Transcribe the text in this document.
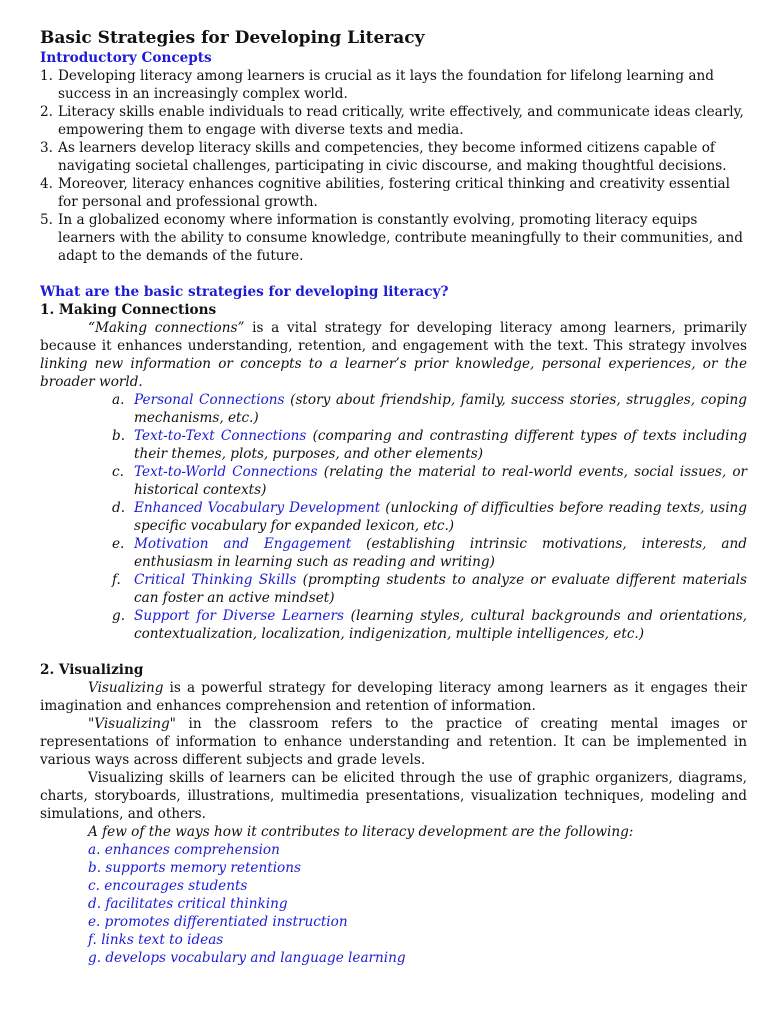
Basic Strategies for Developing Literacy

Introductory Concepts

1. Developing literacy among learners is crucial as it lays the foundation for lifelong learning and success in an increasingly complex world.
2. Literacy skills enable individuals to read critically, write effectively, and communicate ideas clearly, empowering them to engage with diverse texts and media.
3. As learners develop literacy skills and competencies, they become informed citizens capable of navigating societal challenges, participating in civic discourse, and making thoughtful decisions.
4. Moreover, literacy enhances cognitive abilities, fostering critical thinking and creativity essential for personal and professional growth.
5. In a globalized economy where information is constantly evolving, promoting literacy equips learners with the ability to consume knowledge, contribute meaningfully to their communities, and adapt to the demands of the future.

What are the basic strategies for developing literacy?

1. Making Connections

“Making connections” is a vital strategy for developing literacy among learners, primarily because it enhances understanding, retention, and engagement with the text. This strategy involves linking new information or concepts to a learner’s prior knowledge, personal experiences, or the broader world.

a. Personal Connections (story about friendship, family, success stories, struggles, coping mechanisms, etc.)
b. Text-to-Text Connections (comparing and contrasting different types of texts including their themes, plots, purposes, and other elements)
c. Text-to-World Connections (relating the material to real-world events, social issues, or historical contexts)
d. Enhanced Vocabulary Development (unlocking of difficulties before reading texts, using specific vocabulary for expanded lexicon, etc.)
e. Motivation and Engagement (establishing intrinsic motivations, interests, and enthusiasm in learning such as reading and writing)
f. Critical Thinking Skills (prompting students to analyze or evaluate different materials can foster an active mindset)
g. Support for Diverse Learners (learning styles, cultural backgrounds and orientations, contextualization, localization, indigenization, multiple intelligences, etc.)

2. Visualizing

Visualizing is a powerful strategy for developing literacy among learners as it engages their imagination and enhances comprehension and retention of information.

"Visualizing" in the classroom refers to the practice of creating mental images or representations of information to enhance understanding and retention. It can be implemented in various ways across different subjects and grade levels.

Visualizing skills of learners can be elicited through the use of graphic organizers, diagrams, charts, storyboards, illustrations, multimedia presentations, visualization techniques, modeling and simulations, and others.

A few of the ways how it contributes to literacy development are the following:

a. enhances comprehension
b. supports memory retentions
c. encourages students
d. facilitates critical thinking
e. promotes differentiated instruction
f. links text to ideas
g. develops vocabulary and language learning
